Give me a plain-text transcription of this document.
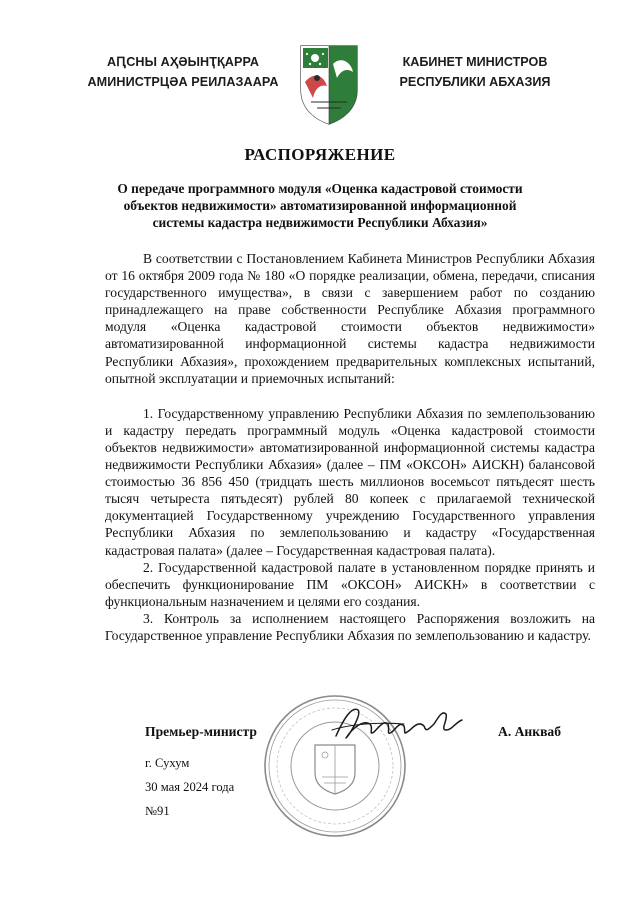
АԤСНЫ АҲӘЫНҬҚАРРА
АМИНИСТРЦӘА РЕИЛАЗААРА
КАБИНЕТ МИНИСТРОВ
РЕСПУБЛИКИ АБХАЗИЯ
РАСПОРЯЖЕНИЕ
О передаче программного модуля «Оценка кадастровой стоимости
объектов недвижимости» автоматизированной информационной
системы кадастра недвижимости Республики Абхазия»

В соответствии с Постановлением Кабинета Министров Республики Абхазия от 16 октября 2009 года № 180 «О порядке реализации, обмена, передачи, списания государственного имущества», в связи с завершением работ по созданию принадлежащего на праве собственности Республике Абхазия программного модуля «Оценка кадастровой стоимости объектов недвижимости» автоматизированной информационной системы кадастра недвижимости Республики Абхазия», прохождением предварительных комплексных испытаний, опытной эксплуатации и приемочных испытаний:

1. Государственному управлению Республики Абхазия по землепользованию и кадастру передать программный модуль «Оценка кадастровой стоимости объектов недвижимости» автоматизированной информационной системы кадастра недвижимости Республики Абхазия» (далее – ПМ «ОКСОН» АИСКН) балансовой стоимостью 36 856 450 (тридцать шесть миллионов восемьсот пятьдесят шесть тысяч четыреста пятьдесят) рублей 80 копеек с прилагаемой технической документацией Государственному учреждению Государственного управления Республики Абхазия по землепользованию и кадастру «Государственная кадастровая палата» (далее – Государственная кадастровая палата).

2. Государственной кадастровой палате в установленном порядке принять и обеспечить функционирование ПМ «ОКСОН» АИСКН» в соответствии с функциональным назначением и целями его создания.

3. Контроль за исполнением настоящего Распоряжения возложить на Государственное управление Республики Абхазия по землепользованию и кадастру.

Премьер-министр	А. Анкваб
г. Сухум
30 мая 2024 года
№91
